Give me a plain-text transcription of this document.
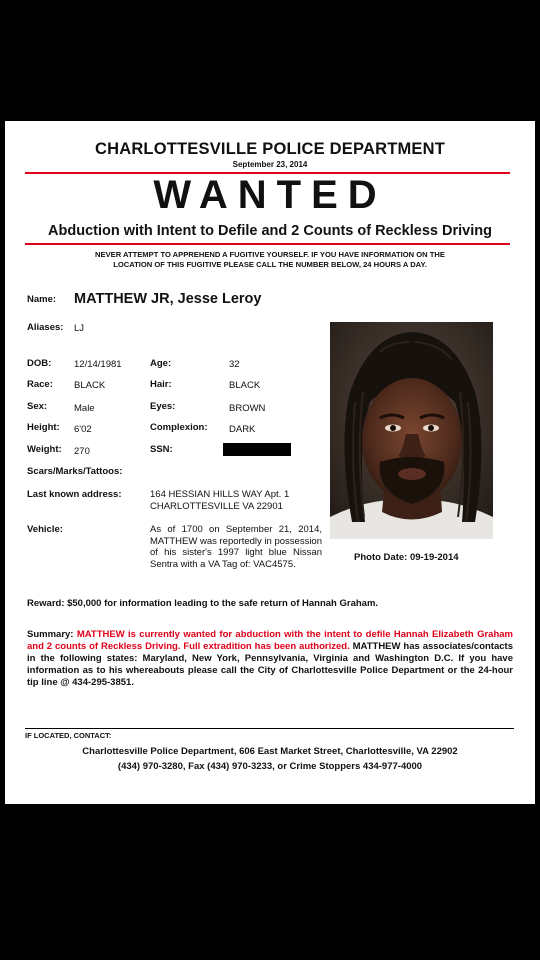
CHARLOTTESVILLE POLICE DEPARTMENT
September 23, 2014
WANTED
Abduction with Intent to Defile and 2 Counts of Reckless Driving
NEVER ATTEMPT TO APPREHEND A FUGITIVE YOURSELF. IF YOU HAVE INFORMATION ON THE
LOCATION OF THIS FUGITIVE PLEASE CALL THE NUMBER BELOW, 24 HOURS A DAY.
Name: MATTHEW JR, Jesse Leroy
Aliases: LJ
DOB: 12/14/1981	Age:	32
Race: BLACK	Hair:	BLACK
Sex:	Male	Eyes:	BROWN
Height: 6'02	Complexion: DARK
Weight: 270	SSN:
Scars/Marks/Tattoos:
Last known address:	164 HESSIAN HILLS WAY Apt. 1
CHARLOTTESVILLE VA 22901
Vehicle:	As of 1700 on September 21, 2014, MATTHEW was reportedly in possession of his sister's 1997 light blue Nissan Sentra with a VA Tag of: VAC4575.
Photo Date: 09-19-2014
Reward: $50,000 for information leading to the safe return of Hannah Graham.
Summary: MATTHEW is currently wanted for abduction with the intent to defile Hannah Elizabeth Graham and 2 counts of Reckless Driving. Full extradition has been authorized. MATTHEW has associates/contacts in the following states: Maryland, New York, Pennsylvania, Virginia and Washington D.C. If you have information as to his whereabouts please call the City of Charlottesville Police Department or the 24-hour tip line @ 434-295-3851.
IF LOCATED, CONTACT:
Charlottesville Police Department, 606 East Market Street, Charlottesville, VA 22902
(434) 970-3280, Fax (434) 970-3233, or Crime Stoppers 434-977-4000
